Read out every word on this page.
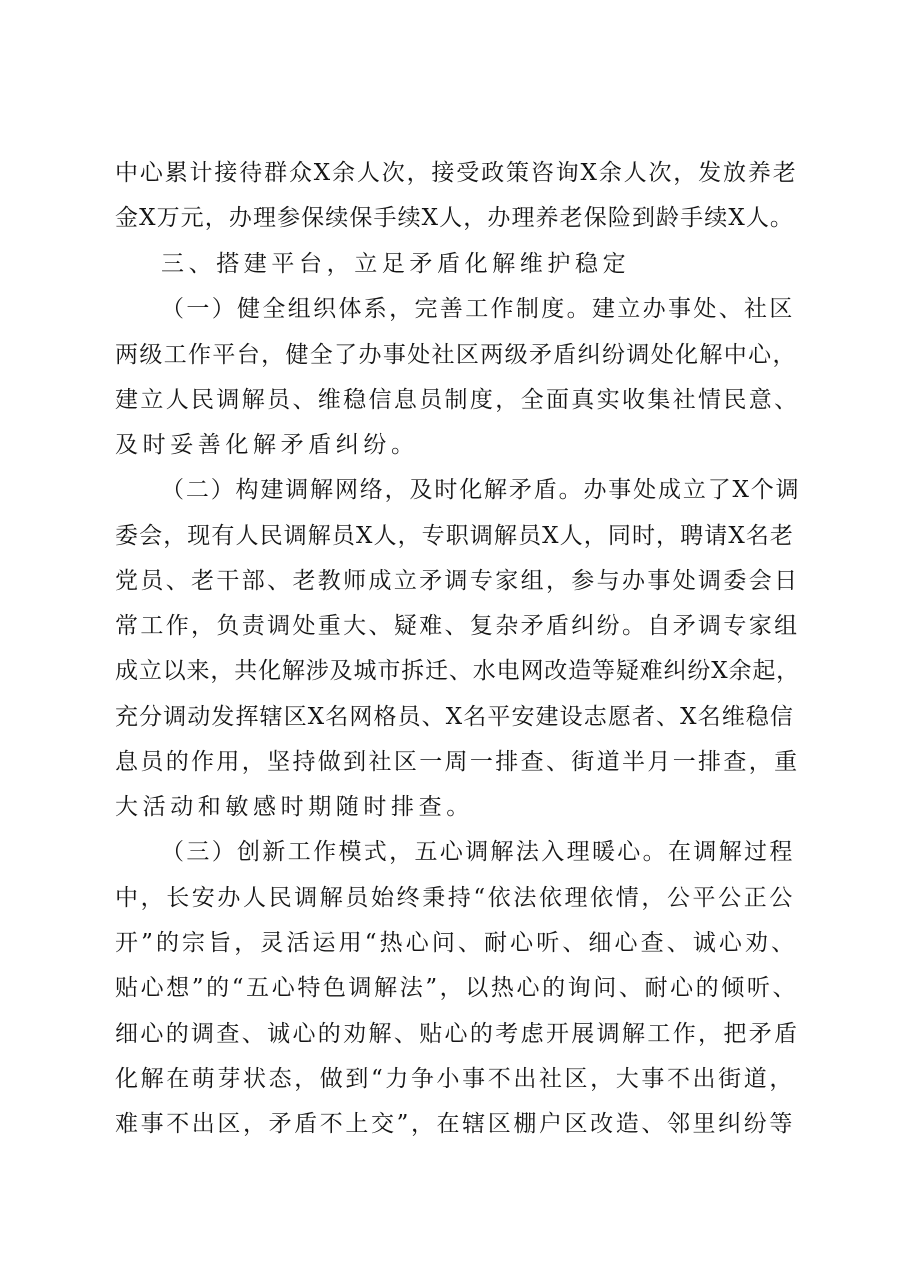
中心累计接待群众X余人次，接受政策咨询X余人次，发放养老

金X万元，办理参保续保手续X人，办理养老保险到龄手续X人。

三、搭建平台，立足矛盾化解维护稳定

（一）健全组织体系，完善工作制度。建立办事处、社区

两级工作平台，健全了办事处社区两级矛盾纠纷调处化解中心，

建立人民调解员、维稳信息员制度，全面真实收集社情民意、

及时妥善化解矛盾纠纷。

（二）构建调解网络，及时化解矛盾。办事处成立了X个调

委会，现有人民调解员X人，专职调解员X人，同时，聘请X名老

党员、老干部、老教师成立矛调专家组，参与办事处调委会日

常工作，负责调处重大、疑难、复杂矛盾纠纷。自矛调专家组

成立以来，共化解涉及城市拆迁、水电网改造等疑难纠纷X余起，

充分调动发挥辖区X名网格员、X名平安建设志愿者、X名维稳信

息员的作用，坚持做到社区一周一排查、街道半月一排查，重

大活动和敏感时期随时排查。

（三）创新工作模式，五心调解法入理暖心。在调解过程

中，长安办人民调解员始终秉持“依法依理依情，公平公正公

开”的宗旨，灵活运用“热心问、耐心听、细心查、诚心劝、

贴心想”的“五心特色调解法”，以热心的询问、耐心的倾听、

细心的调查、诚心的劝解、贴心的考虑开展调解工作，把矛盾

化解在萌芽状态，做到“力争小事不出社区，大事不出街道，

难事不出区，矛盾不上交”，在辖区棚户区改造、邻里纠纷等
